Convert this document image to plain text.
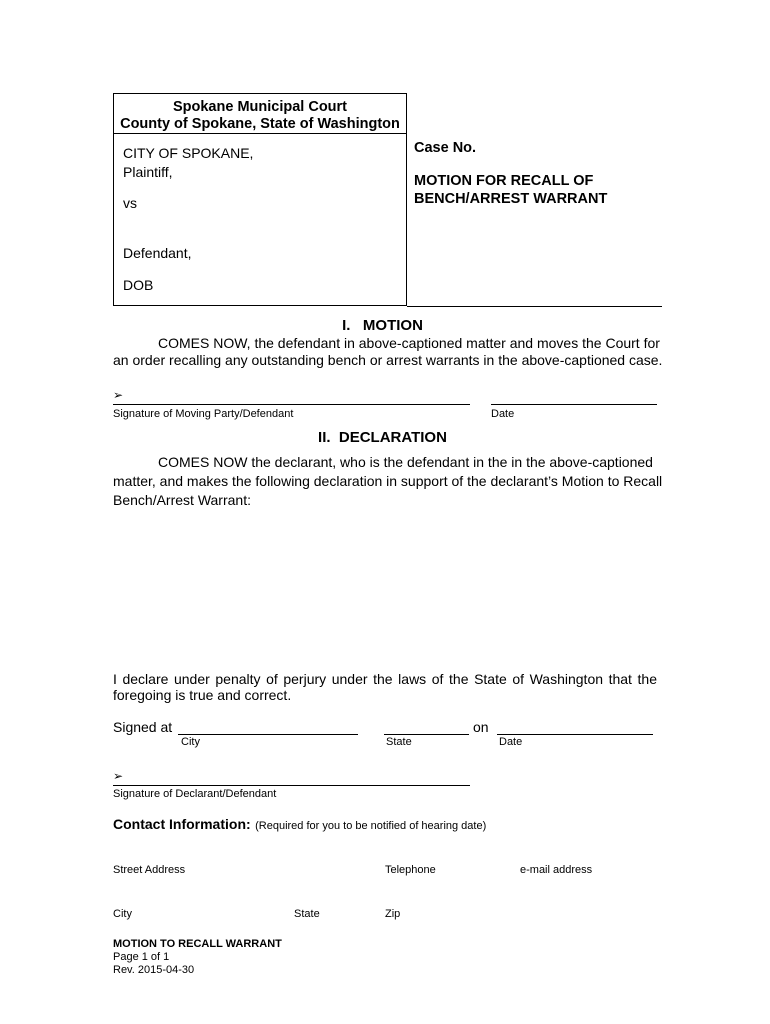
Spokane Municipal Court
County of Spokane, State of Washington
CITY OF SPOKANE,
Plaintiff,
vs
Defendant,
DOB
Case No.
MOTION FOR RECALL OF
BENCH/ARREST WARRANT
I.   MOTION
COMES NOW, the defendant in above-captioned matter and moves the Court for
an order recalling any outstanding bench or arrest warrants in the above-captioned case.
➢
Signature of Moving Party/Defendant	Date
II.  DECLARATION
COMES NOW the declarant, who is the defendant in the in the above-captioned
matter, and makes the following declaration in support of the declarant’s Motion to Recall
Bench/Arrest Warrant:
I declare under penalty of perjury under the laws of the State of Washington that the
foregoing is true and correct.
Signed at	on
City	State	Date
➢
Signature of Declarant/Defendant
Contact Information: (Required for you to be notified of hearing date)
Street Address	Telephone	e-mail address
City	State	Zip
MOTION TO RECALL WARRANT
Page 1 of 1
Rev. 2015-04-30
